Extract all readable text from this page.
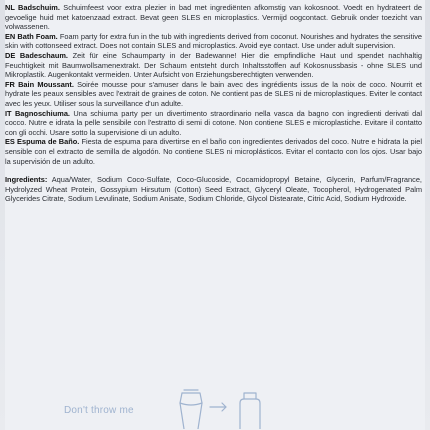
NL Badschuim. Schuimfeest voor extra plezier in bad met ingrediënten afkomstig van kokosnoot. Voedt en hydrateert de gevoelige huid met katoenzaad extract. Bevat geen SLES en microplastics. Vermijd oogcontact. Gebruik onder toezicht van volwassenen.

EN Bath Foam. Foam party for extra fun in the tub with ingredients derived from coconut. Nourishes and hydrates the sensitive skin with cottonseed extract. Does not contain SLES and microplastics. Avoid eye contact. Use under adult supervision.

DE Badeschaum. Zeit für eine Schaumparty in der Badewanne! Hier die empfindliche Haut und spendet nachhaltig Feuchtigkeit mit Baumwollsamenextrakt. Der Schaum entsteht durch Inhaltsstoffen auf Kokosnussbasis - ohne SLES und Mikroplastik. Augenkontakt vermeiden. Unter Aufsicht von Erziehungsberechtigten verwenden.

FR Bain Moussant. Soirée mousse pour s'amuser dans le bain avec des ingrédients issus de la noix de coco. Nourrit et hydrate les peaux sensibles avec l'extrait de graines de coton. Ne contient pas de SLES ni de microplastiques. Eviter le contact avec les yeux. Utiliser sous la surveillance d'un adulte.

IT Bagnoschiuma. Una schiuma party per un divertimento straordinario nella vasca da bagno con ingredienti derivati dal cocco. Nutre e idrata la pelle sensibile con l'estratto di semi di cotone. Non contiene SLES e microplastiche. Evitare il contatto con gli occhi. Usare sotto la supervisione di un adulto.

ES Espuma de Baño. Fiesta de espuma para divertirse en el baño con ingredientes derivados del coco. Nutre e hidrata la piel sensible con el extracto de semilla de algodón. No contiene SLES ni microplásticos. Evitar el contacto con los ojos. Usar bajo la supervisión de un adulto.

Ingredients: Aqua/Water, Sodium Coco-Sulfate, Coco-Glucoside, Cocamidopropyl Betaine, Glycerin, Parfum/Fragrance, Hydrolyzed Wheat Protein, Gossypium Hirsutum (Cotton) Seed Extract, Glyceryl Oleate, Tocopherol, Hydrogenated Palm Glycerides Citrate, Sodium Levulinate, Sodium Anisate, Sodium Chloride, Glycol Distearate, Citric Acid, Sodium Hydroxide.

Don't throw me
